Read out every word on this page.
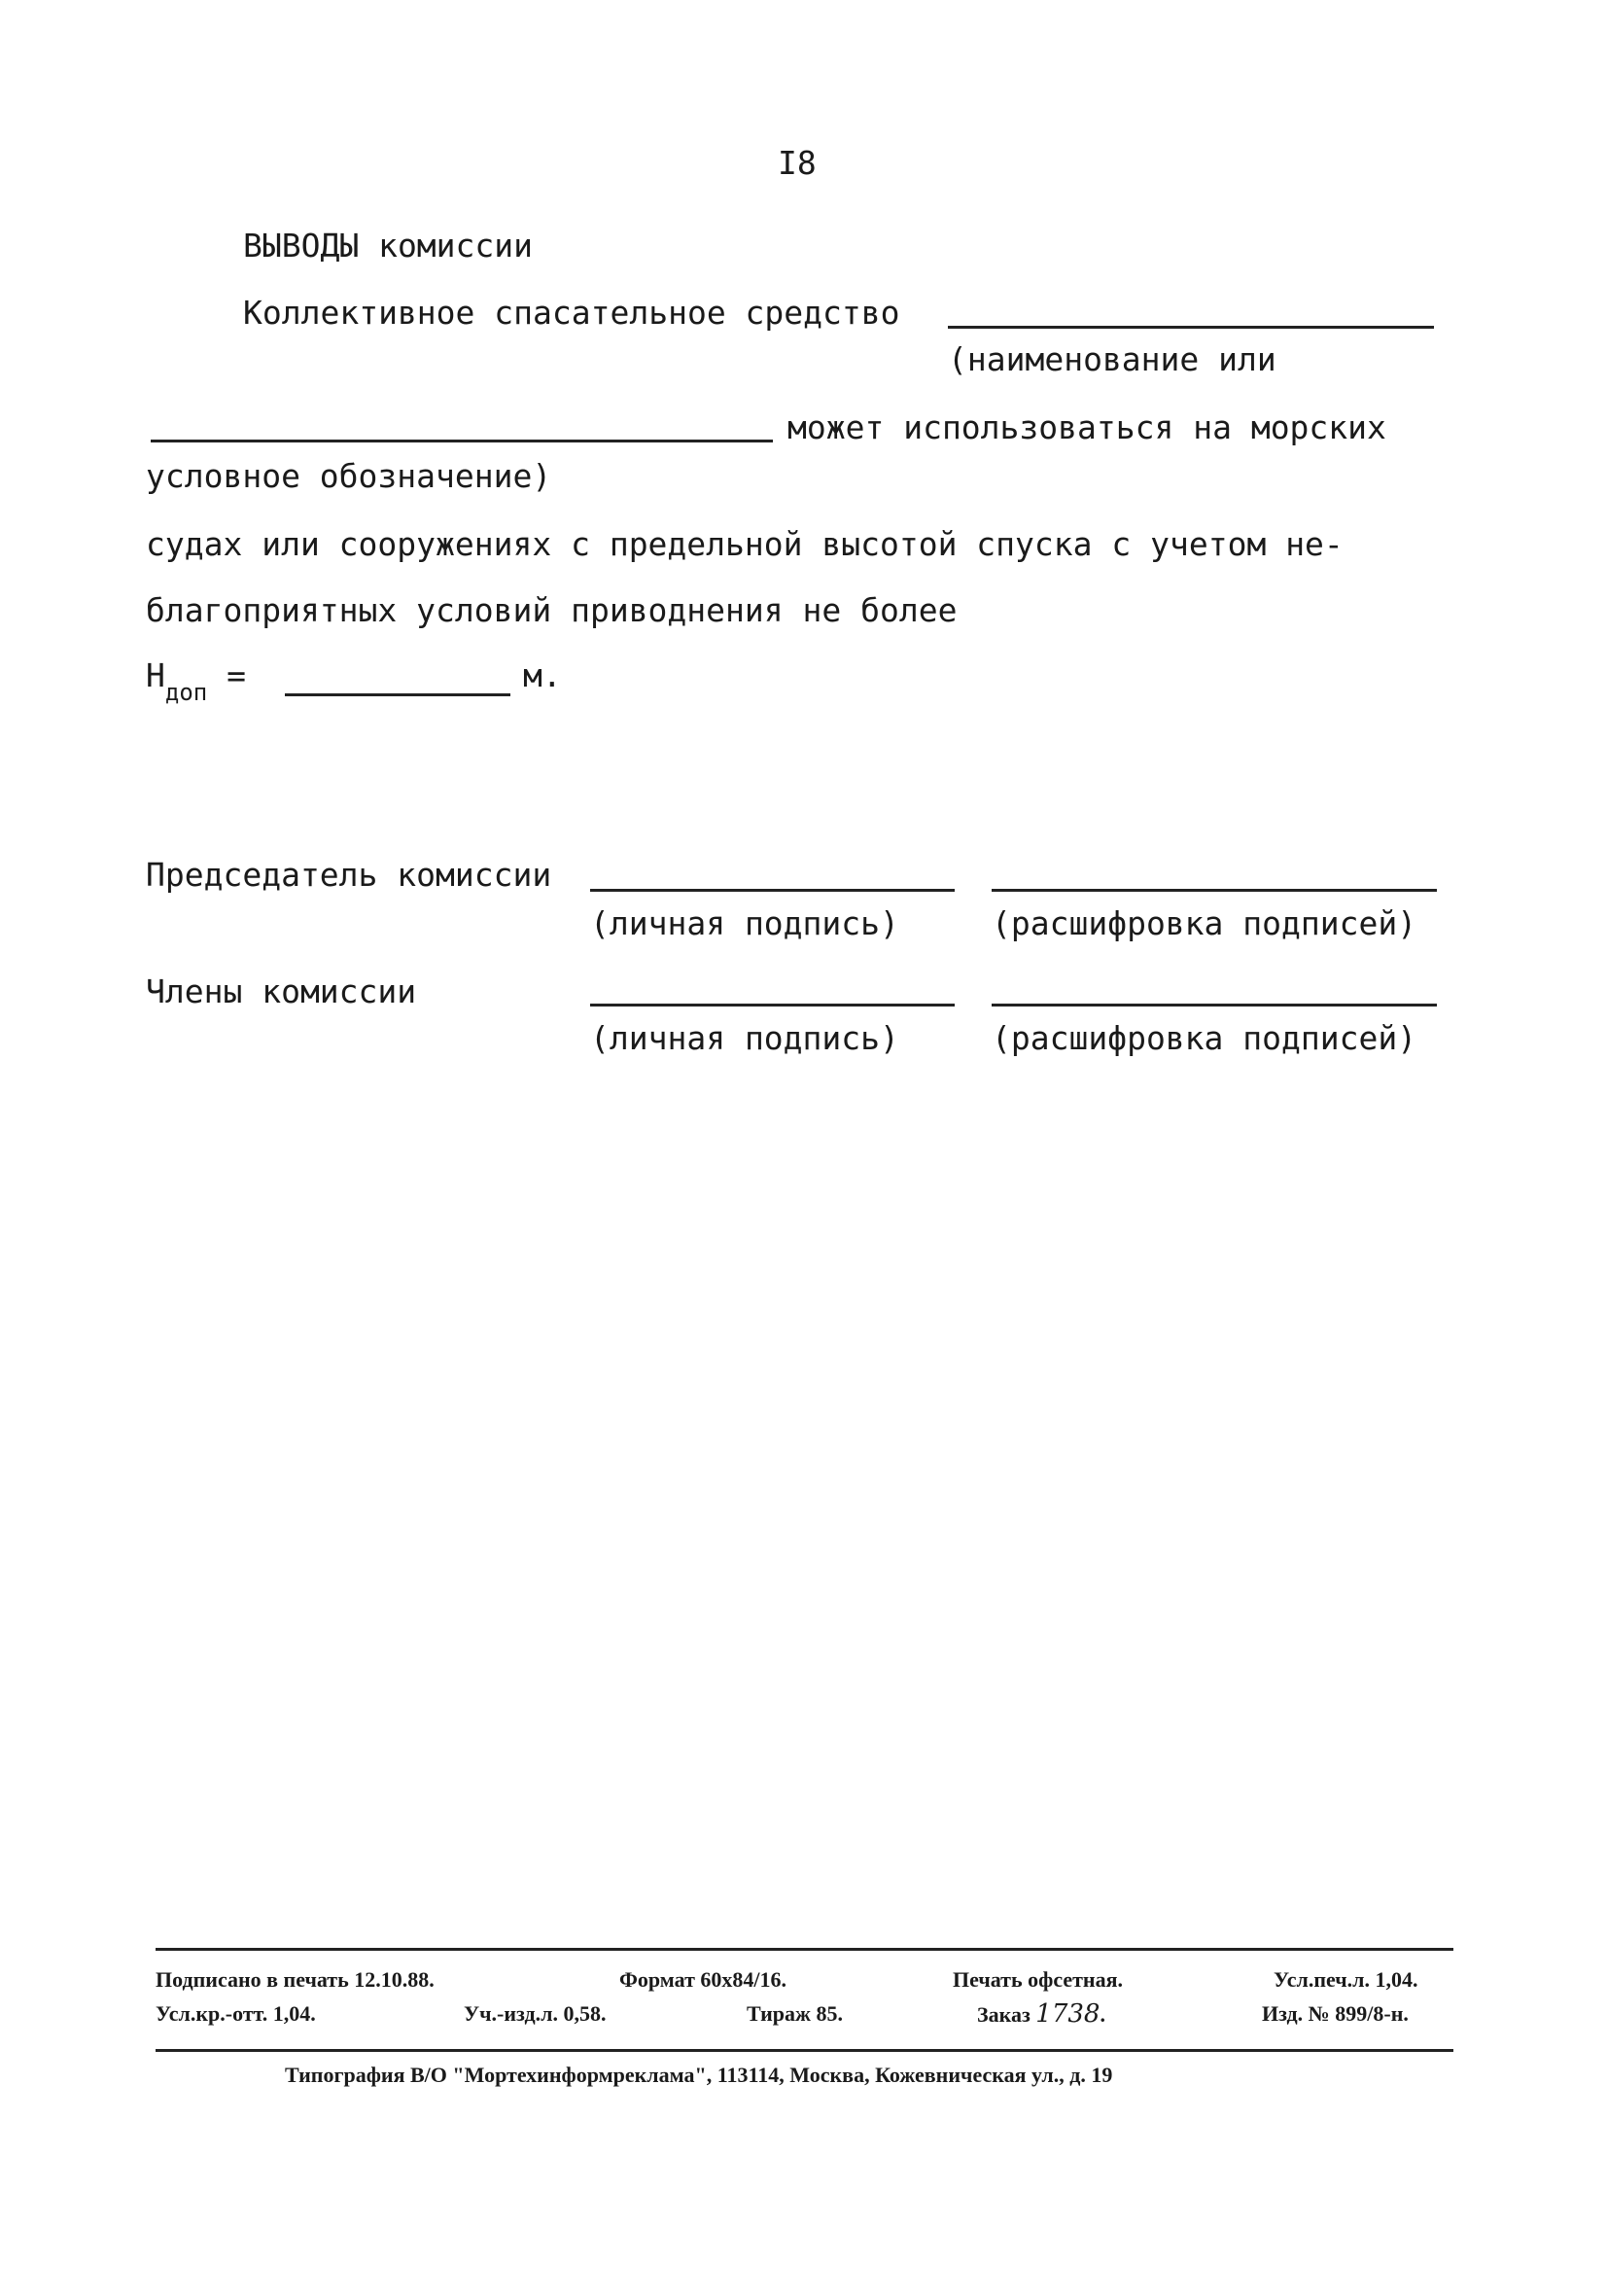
I8
ВЫВОДЫ комиссии
Коллективное спасательное средство
(наименование или
может использоваться на морских
условное обозначение)
судах или сооружениях с предельной высотой спуска с учетом не-
благоприятных условий приводнения не более
$Н_{доп}$ =	м.
Председатель комиссии
(личная подпись)	(расшифровка подписей)
Члены комиссии
(личная подпись)	(расшифровка подписей)
Подписано в печать 12.10.88.	Формат 60х84/16.	Печать офсетная.	Усл.печ.л. 1,04.
Усл.кр.-отт. 1,04.	Уч.-изд.л. 0,58.	Тираж 85.	Заказ 1738.	Изд. № 899/8-н.
Типография В/О "Мортехинформреклама", 113114, Москва, Кожевническая ул., д. 19
